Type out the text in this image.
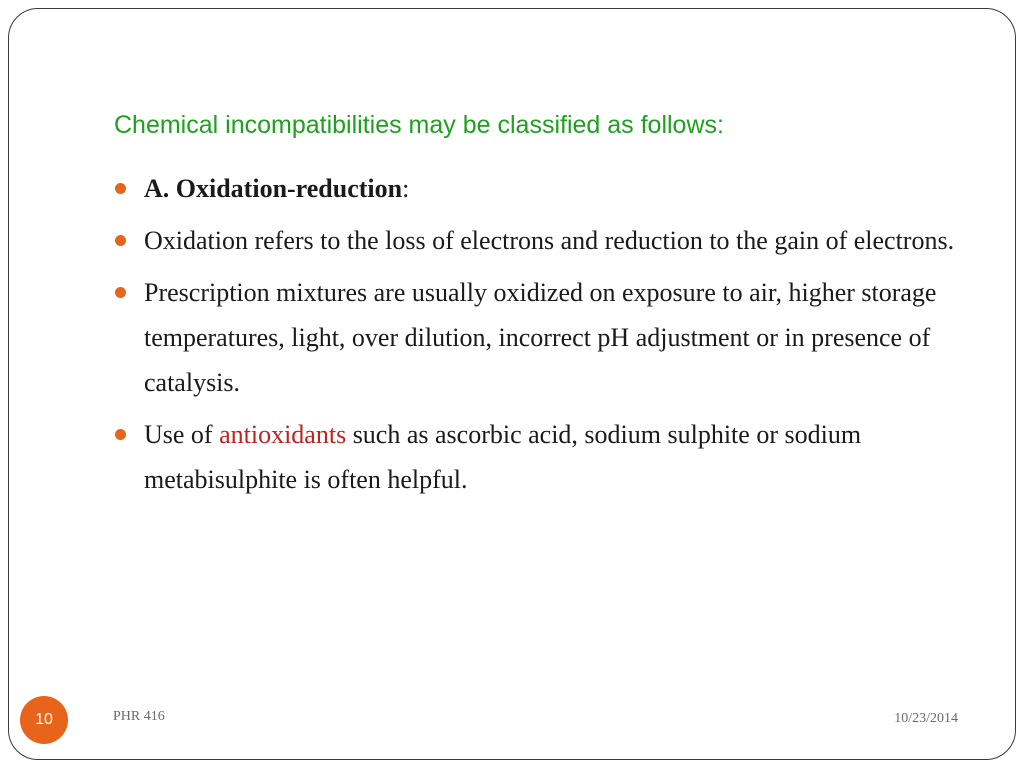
Chemical incompatibilities may be classified as follows:
A. Oxidation-reduction:
Oxidation refers to the loss of electrons and reduction to the gain of electrons.
Prescription mixtures are usually oxidized on exposure to air, higher storage temperatures, light, over dilution, incorrect pH adjustment or in presence of catalysis.
Use of antioxidants such as ascorbic acid, sodium sulphite or sodium metabisulphite is often helpful.
10	PHR 416	10/23/2014
